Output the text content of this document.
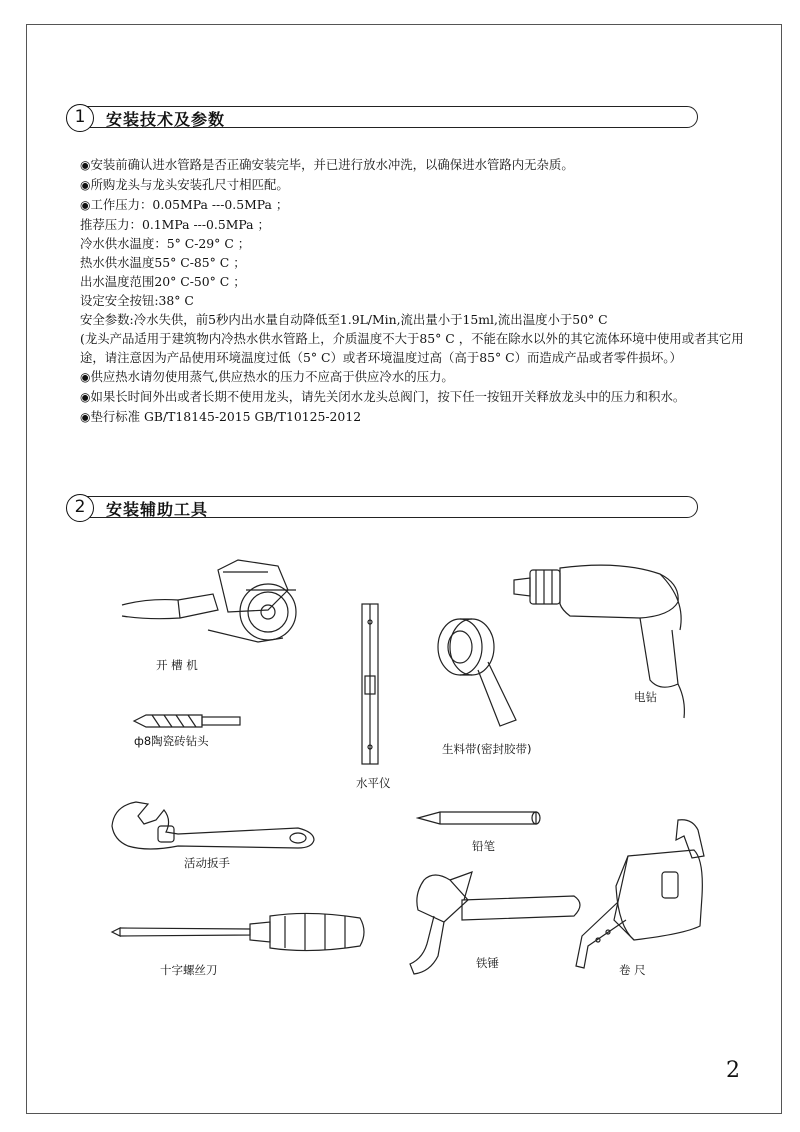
1	安装技术及参数

◉安装前确认进水管路是否正确安装完毕，并已进行放水冲洗，以确保进水管路内无杂质。

◉所购龙头与龙头安装孔尺寸相匹配。

◉工作压力：0.05MPa ---0.5MPa ；

推荐压力：0.1MPa ---0.5MPa ；

冷水供水温度：5° C-29° C ；

热水供水温度55° C-85° C ；

出水温度范围20° C-50° C ；

设定安全按钮:38° C

安全参数:冷水失供，前5秒内出水量自动降低至1.9L/Min,流出量小于15ml,流出温度小于50° C

(龙头产品适用于建筑物内冷热水供水管路上，介质温度不大于85° C ，不能在除水以外的其它流体环境中使用或者其它用途，请注意因为产品使用环境温度过低（5° C）或者环境温度过高（高于85° C）而造成产品或者零件损坏。）

◉供应热水请勿使用蒸气,供应热水的压力不应高于供应冷水的压力。

◉如果长时间外出或者长期不使用龙头，请先关闭水龙头总阀门，按下任一按钮开关释放龙头中的压力和积水。

◉垫行标准 GB/T18145-2015 GB/T10125-2012

2	安装辅助工具
开 槽 机
ф8陶瓷砖钻头
水平仪
生料带(密封胶带)
电钻
活动扳手
铅笔
十字螺丝刀	铁锤	卷 尺
2
